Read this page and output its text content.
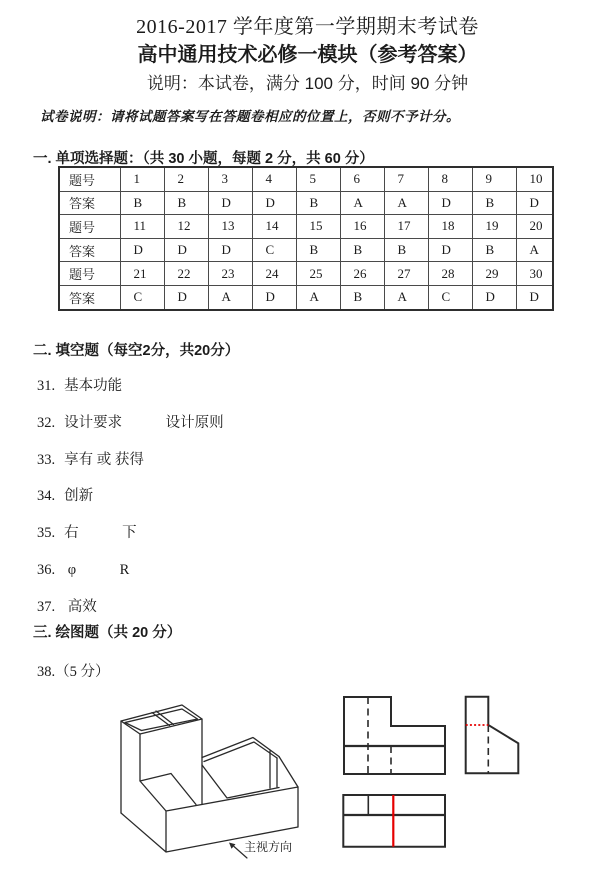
2016-2017 学年度第一学期期末考试卷
高中通用技术必修一模块（参考答案）
说明：本试卷，满分 100 分，时间 90 分钟
试卷说明：请将试题答案写在答题卷相应的位置上，否则不予计分。
一. 单项选择题：（共 30 小题，每题 2 分，共 60 分）
题号	1	2	3	4	5	6	7	8	9	10
答案	B	B	D	D	B	A	A	D	B	D
题号	11	12	13	14	15	16	17	18	19	20
答案	D	D	D	C	B	B	B	D	B	A
题号	21	22	23	24	25	26	27	28	29	30
答案	C	D	A	D	A	B	A	C	D	D
二. 填空题（每空2分，共20分）
31. 基本功能
32. 设计要求　　　设计原则
33. 享有 或 获得
34. 创新
35. 右　　　下
36. φ　　　R
37. 高效
三. 绘图题（共 20 分）
38.（5 分）
主视方向
